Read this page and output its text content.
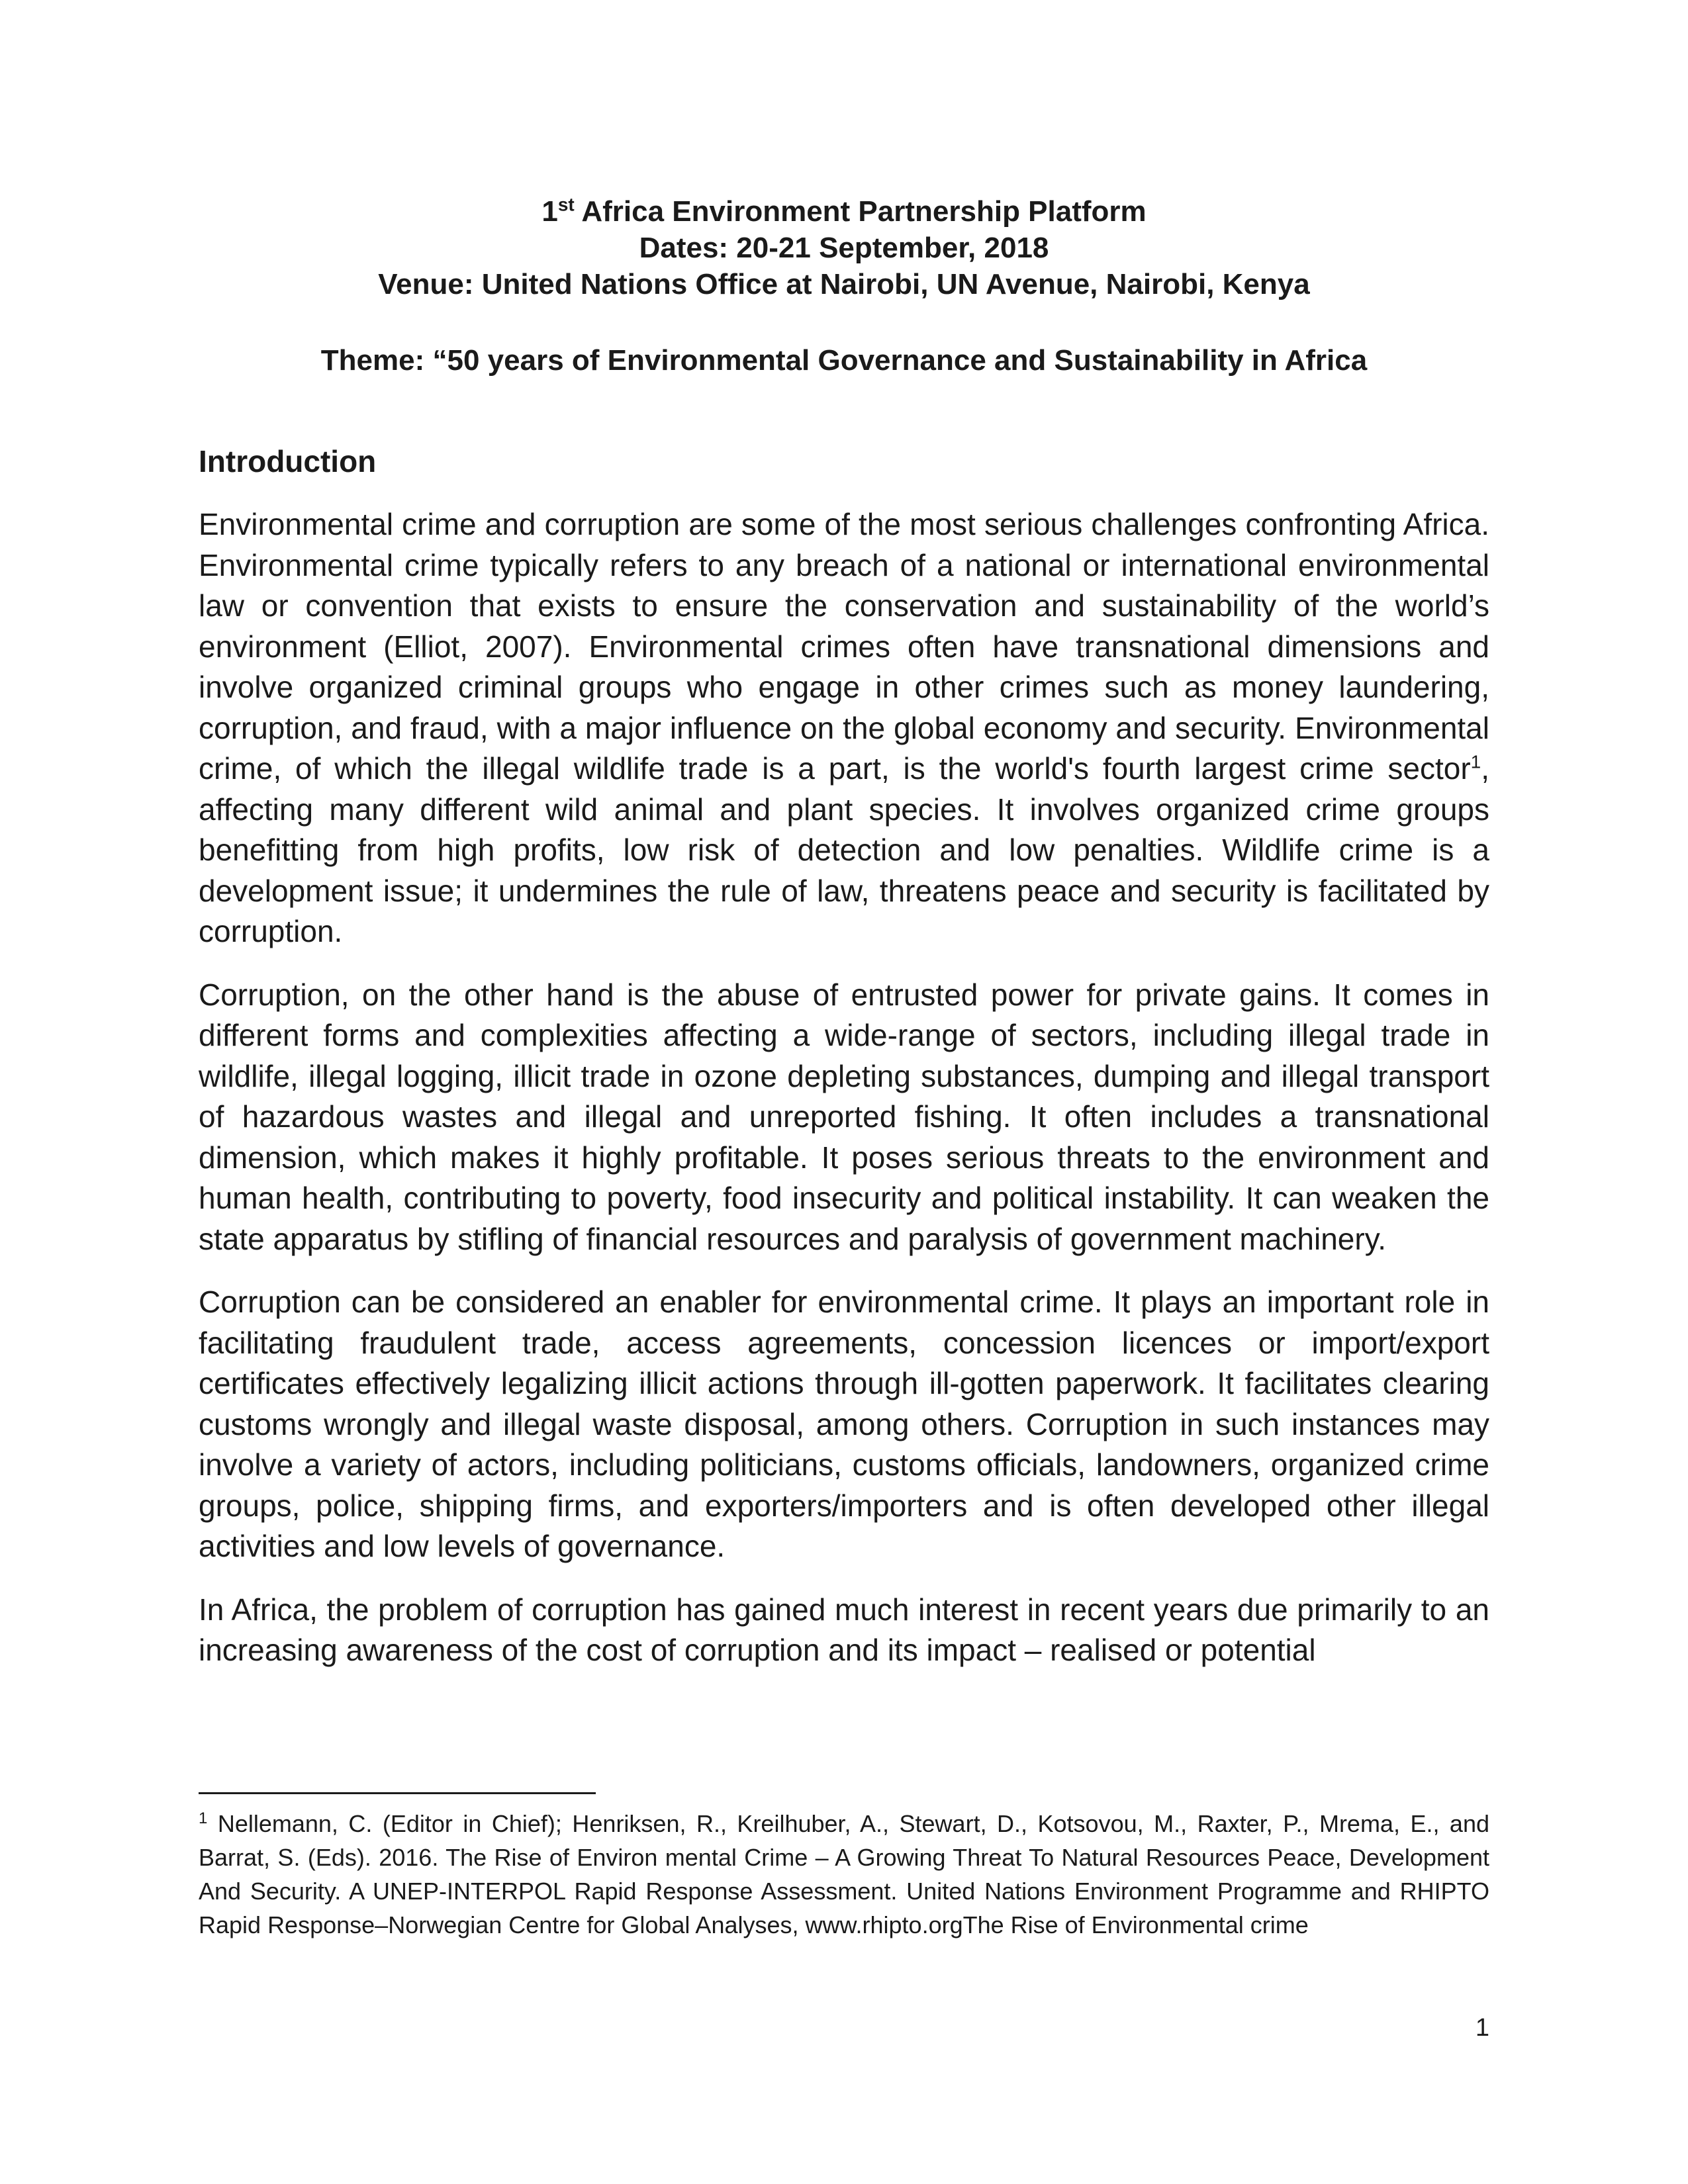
1st Africa Environment Partnership Platform
Dates: 20-21 September, 2018
Venue: United Nations Office at Nairobi, UN Avenue, Nairobi, Kenya
Theme: “50 years of Environmental Governance and Sustainability in Africa
Introduction

Environmental crime and corruption are some of the most serious challenges confronting Africa. Environmental crime typically refers to any breach of a national or international environmental law or convention that exists to ensure the conservation and sustainability of the world’s environment (Elliot, 2007). Environmental crimes often have transnational dimensions and involve organized criminal groups who engage in other crimes such as money laundering, corruption, and fraud, with a major influence on the global economy and security. Environmental crime, of which the illegal wildlife trade is a part, is the world's fourth largest crime sector$^1$, affecting many different wild animal and plant species. It involves organized crime groups benefitting from high profits, low risk of detection and low penalties. Wildlife crime is a development issue; it undermines the rule of law, threatens peace and security is facilitated by corruption.

Corruption, on the other hand is the abuse of entrusted power for private gains. It comes in different forms and complexities affecting a wide-range of sectors, including illegal trade in wildlife, illegal logging, illicit trade in ozone depleting substances, dumping and illegal transport of hazardous wastes and illegal and unreported fishing. It often includes a transnational dimension, which makes it highly profitable. It poses serious threats to the environment and human health, contributing to poverty, food insecurity and political instability. It can weaken the state apparatus by stifling of financial resources and paralysis of government machinery.

Corruption can be considered an enabler for environmental crime. It plays an important role in facilitating fraudulent trade, access agreements, concession licences or import/export certificates effectively legalizing illicit actions through ill-gotten paperwork. It facilitates clearing customs wrongly and illegal waste disposal, among others. Corruption in such instances may involve a variety of actors, including politicians, customs officials, landowners, organized crime groups, police, shipping firms, and exporters/importers and is often developed other illegal activities and low levels of governance.

In Africa, the problem of corruption has gained much interest in recent years due primarily to an increasing awareness of the cost of corruption and its impact – realised or potential

$^1$ Nellemann, C. (Editor in Chief); Henriksen, R., Kreilhuber, A., Stewart, D., Kotsovou, M., Raxter, P., Mrema, E., and Barrat, S. (Eds). 2016. The Rise of Environ mental Crime – A Growing Threat To Natural Resources Peace, Development And Security. A UNEP-INTERPOL Rapid Response Assessment. United Nations Environment Programme and RHIPTO Rapid Response–Norwegian Centre for Global Analyses, www.rhipto.orgThe Rise of Environmental crime

1
